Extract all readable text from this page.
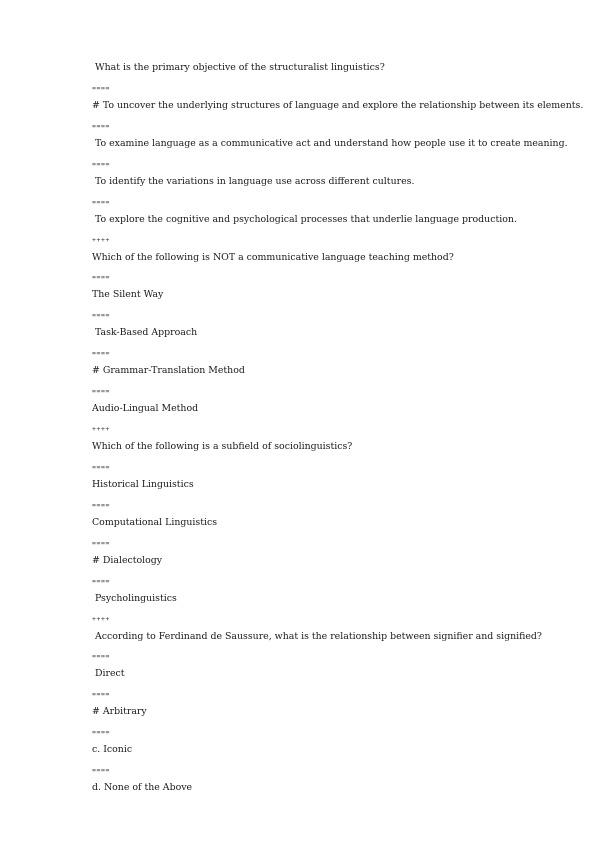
What is the primary objective of the structuralist linguistics?
====
# To uncover the underlying structures of language and explore the relationship between its elements.
====
To examine language as a communicative act and understand how people use it to create meaning.
====
To identify the variations in language use across different cultures.
====
To explore the cognitive and psychological processes that underlie language production.
++++
Which of the following is NOT a communicative language teaching method?
====
The Silent Way
====
Task-Based Approach
====
# Grammar-Translation Method
====
Audio-Lingual Method
++++
Which of the following is a subfield of sociolinguistics?
====
Historical Linguistics
====
Computational Linguistics
====
# Dialectology
====
Psycholinguistics
++++
According to Ferdinand de Saussure, what is the relationship between signifier and signified?
====
Direct
====
# Arbitrary
====
c. Iconic
====
d. None of the Above
